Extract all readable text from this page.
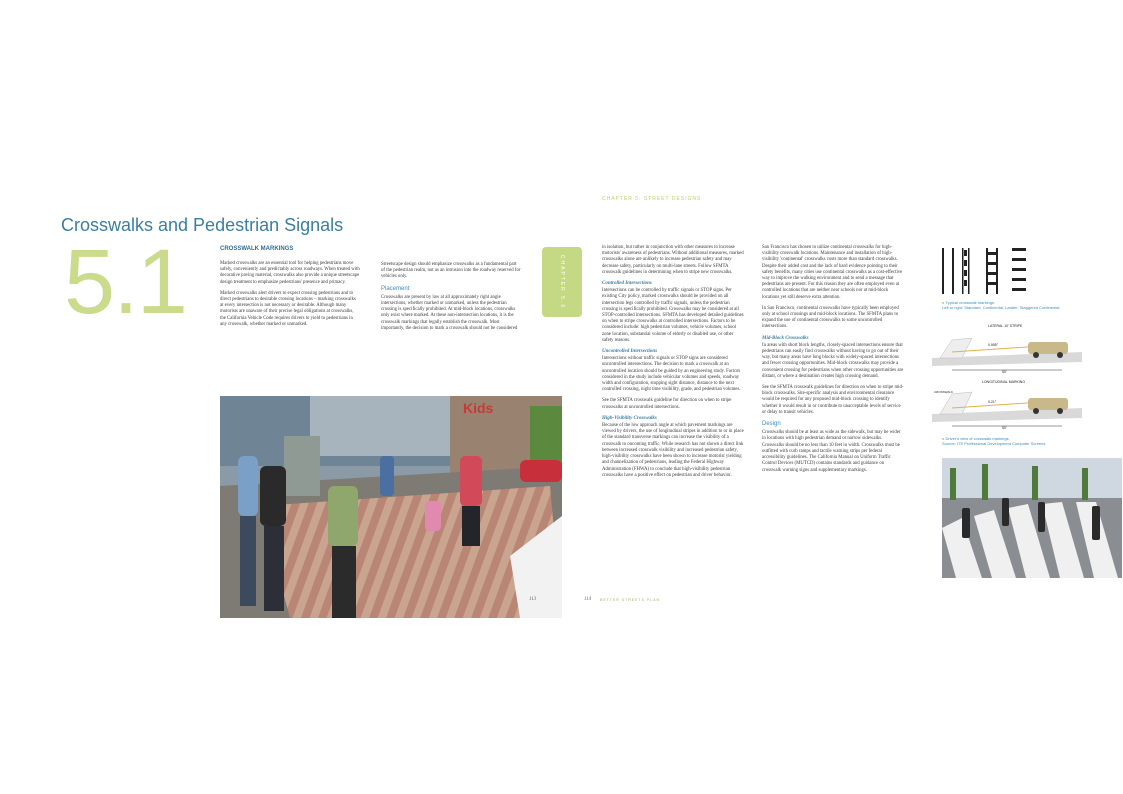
CHAPTER 5: STREET DESIGNS
Crosswalks and Pedestrian Signals
5.1	CROSSWALK MARKINGS

Marked crosswalks are an essential tool for helping pedestrians move safely, conveniently and predictably across roadways. When treated with decorative paving material, crosswalks also provide a unique streetscape design treatment to emphasize pedestrians' presence and primacy.

Marked crosswalks alert drivers to expect crossing pedestrians and to direct pedestrians to desirable crossing locations – marking crosswalks at every intersection is not necessary or desirable. Although many motorists are unaware of their precise legal obligations at crosswalks, the California Vehicle Code requires drivers to yield to pedestrians in any crosswalk, whether marked or unmarked.

Streetscape design should emphasize crosswalks as a fundamental part of the pedestrian realm, not as an intrusion into the roadway reserved for vehicles only.

Placement

Crosswalks are present by law at all approximately right angle intersections, whether marked or unmarked, unless the pedestrian crossing is specifically prohibited. At mid-block locations, crosswalks only exist where marked. At these non-intersection locations, it is the crosswalk markings that legally establish the crosswalk. Most importantly, the decision to mark a crosswalk should not be considered

CHAPTER 5.0
Kids
113	114	BETTER STREETS PLAN

in isolation, but rather in conjunction with other measures to increase motorists' awareness of pedestrians. Without additional measures, marked crosswalks alone are unlikely to increase pedestrian safety and may decrease safety, particularly on multi-lane streets. Follow SFMTA crosswalk guidelines in determining when to stripe new crosswalks.

Controlled Intersections

Intersections can be controlled by traffic signals or STOP signs. Per existing City policy, marked crosswalks should be provided on all intersection legs controlled by traffic signals, unless the pedestrian crossing is specifically prohibited. Crosswalks may be considered at all STOP-controlled intersections. SFMTA has developed detailed guidelines on when to stripe crosswalks at controlled intersections. Factors to be considered include: high pedestrian volumes, vehicle volumes, school zone location, substantial volume of elderly or disabled use, or other safety reasons.

Uncontrolled Intersections

Intersections without traffic signals or STOP signs are considered uncontrolled intersections. The decision to mark a crosswalk at an uncontrolled location should be guided by an engineering study. Factors considered in the study include vehicular volumes and speeds, roadway width and configuration, stopping sight distance, distance to the next controlled crossing, night time visibility, grade, and pedestrian volumes.

See the SFMTA crosswalk guideline for direction on when to stripe crosswalks at uncontrolled intersections.

High-Visibility Crosswalks

Because of the low approach angle at which pavement markings are viewed by drivers, the use of longitudinal stripes in addition to or in place of the standard transverse markings can increase the visibility of a crosswalk to oncoming traffic. While research has not shown a direct link between increased crosswalk visibility and increased pedestrian safety, high-visibility crosswalks have been shown to increase motorist yielding and channelization of pedestrians, leading the Federal Highway Administration (FHWA) to conclude that high-visibility pedestrian crosswalks have a positive effect on pedestrian and driver behavior.

San Francisco has chosen to utilize continental crosswalks for high-visibility crosswalk locations. Maintenance and installation of high-visibility 'continental' crosswalks costs more than standard crosswalks. Despite their added cost and the lack of hard evidence pointing to their safety benefits, many cities use continental crosswalks as a cost-effective way to improve the walking environment and to send a message that pedestrians are present. For this reason they are often employed even at controlled locations that are neither near schools nor at mid-block locations yet still deserve extra attention.

In San Francisco, continental crosswalks have typically been employed only at school crossings and mid-block locations. The SFMTA plans to expand the use of continental crosswalks to some uncontrolled intersections.

Mid-Block Crosswalks

In areas with short block lengths, closely-spaced intersections ensure that pedestrians can easily find crosswalks without having to go out of their way, but many areas have long blocks with widely-spaced intersections and fewer crossing opportunities. Mid-block crosswalks may provide a convenient crossing for pedestrians when other crossing opportunities are distant, or where a destination creates high crossing demand.

See the SFMTA crosswalk guidelines for direction on when to stripe mid-block crosswalks. Site-specific analysis and environmental clearance would be required for any proposed mid-block crossing to identify whether it would result in or contribute to unacceptable levels of service or delay to transit vehicles.

Design

Crosswalks should be at least as wide as the sidewalk, but may be wider in locations with high pedestrian demand or narrow sidewalks. Crosswalks should be no less than 10 feet in width. Crosswalks must be outfitted with curb ramps and tactile warning strips per federal accessibility guidelines. The California Manual on Uniform Traffic Control Devices (MUTCD) contains standards and guidance on crosswalk warning signs and supplementary markings.

■ Typical crosswalk markings.
Left to right: Standard, Continental, Ladder, Staggered Continental
LATERAL 10' STRIPE
0.955°
50'
LONGITUDINAL MARKING
CROSSWALK
0.21°
50'
■ Driver's view of crosswalk markings.
Source: ITE Professional Development Computer Screens
